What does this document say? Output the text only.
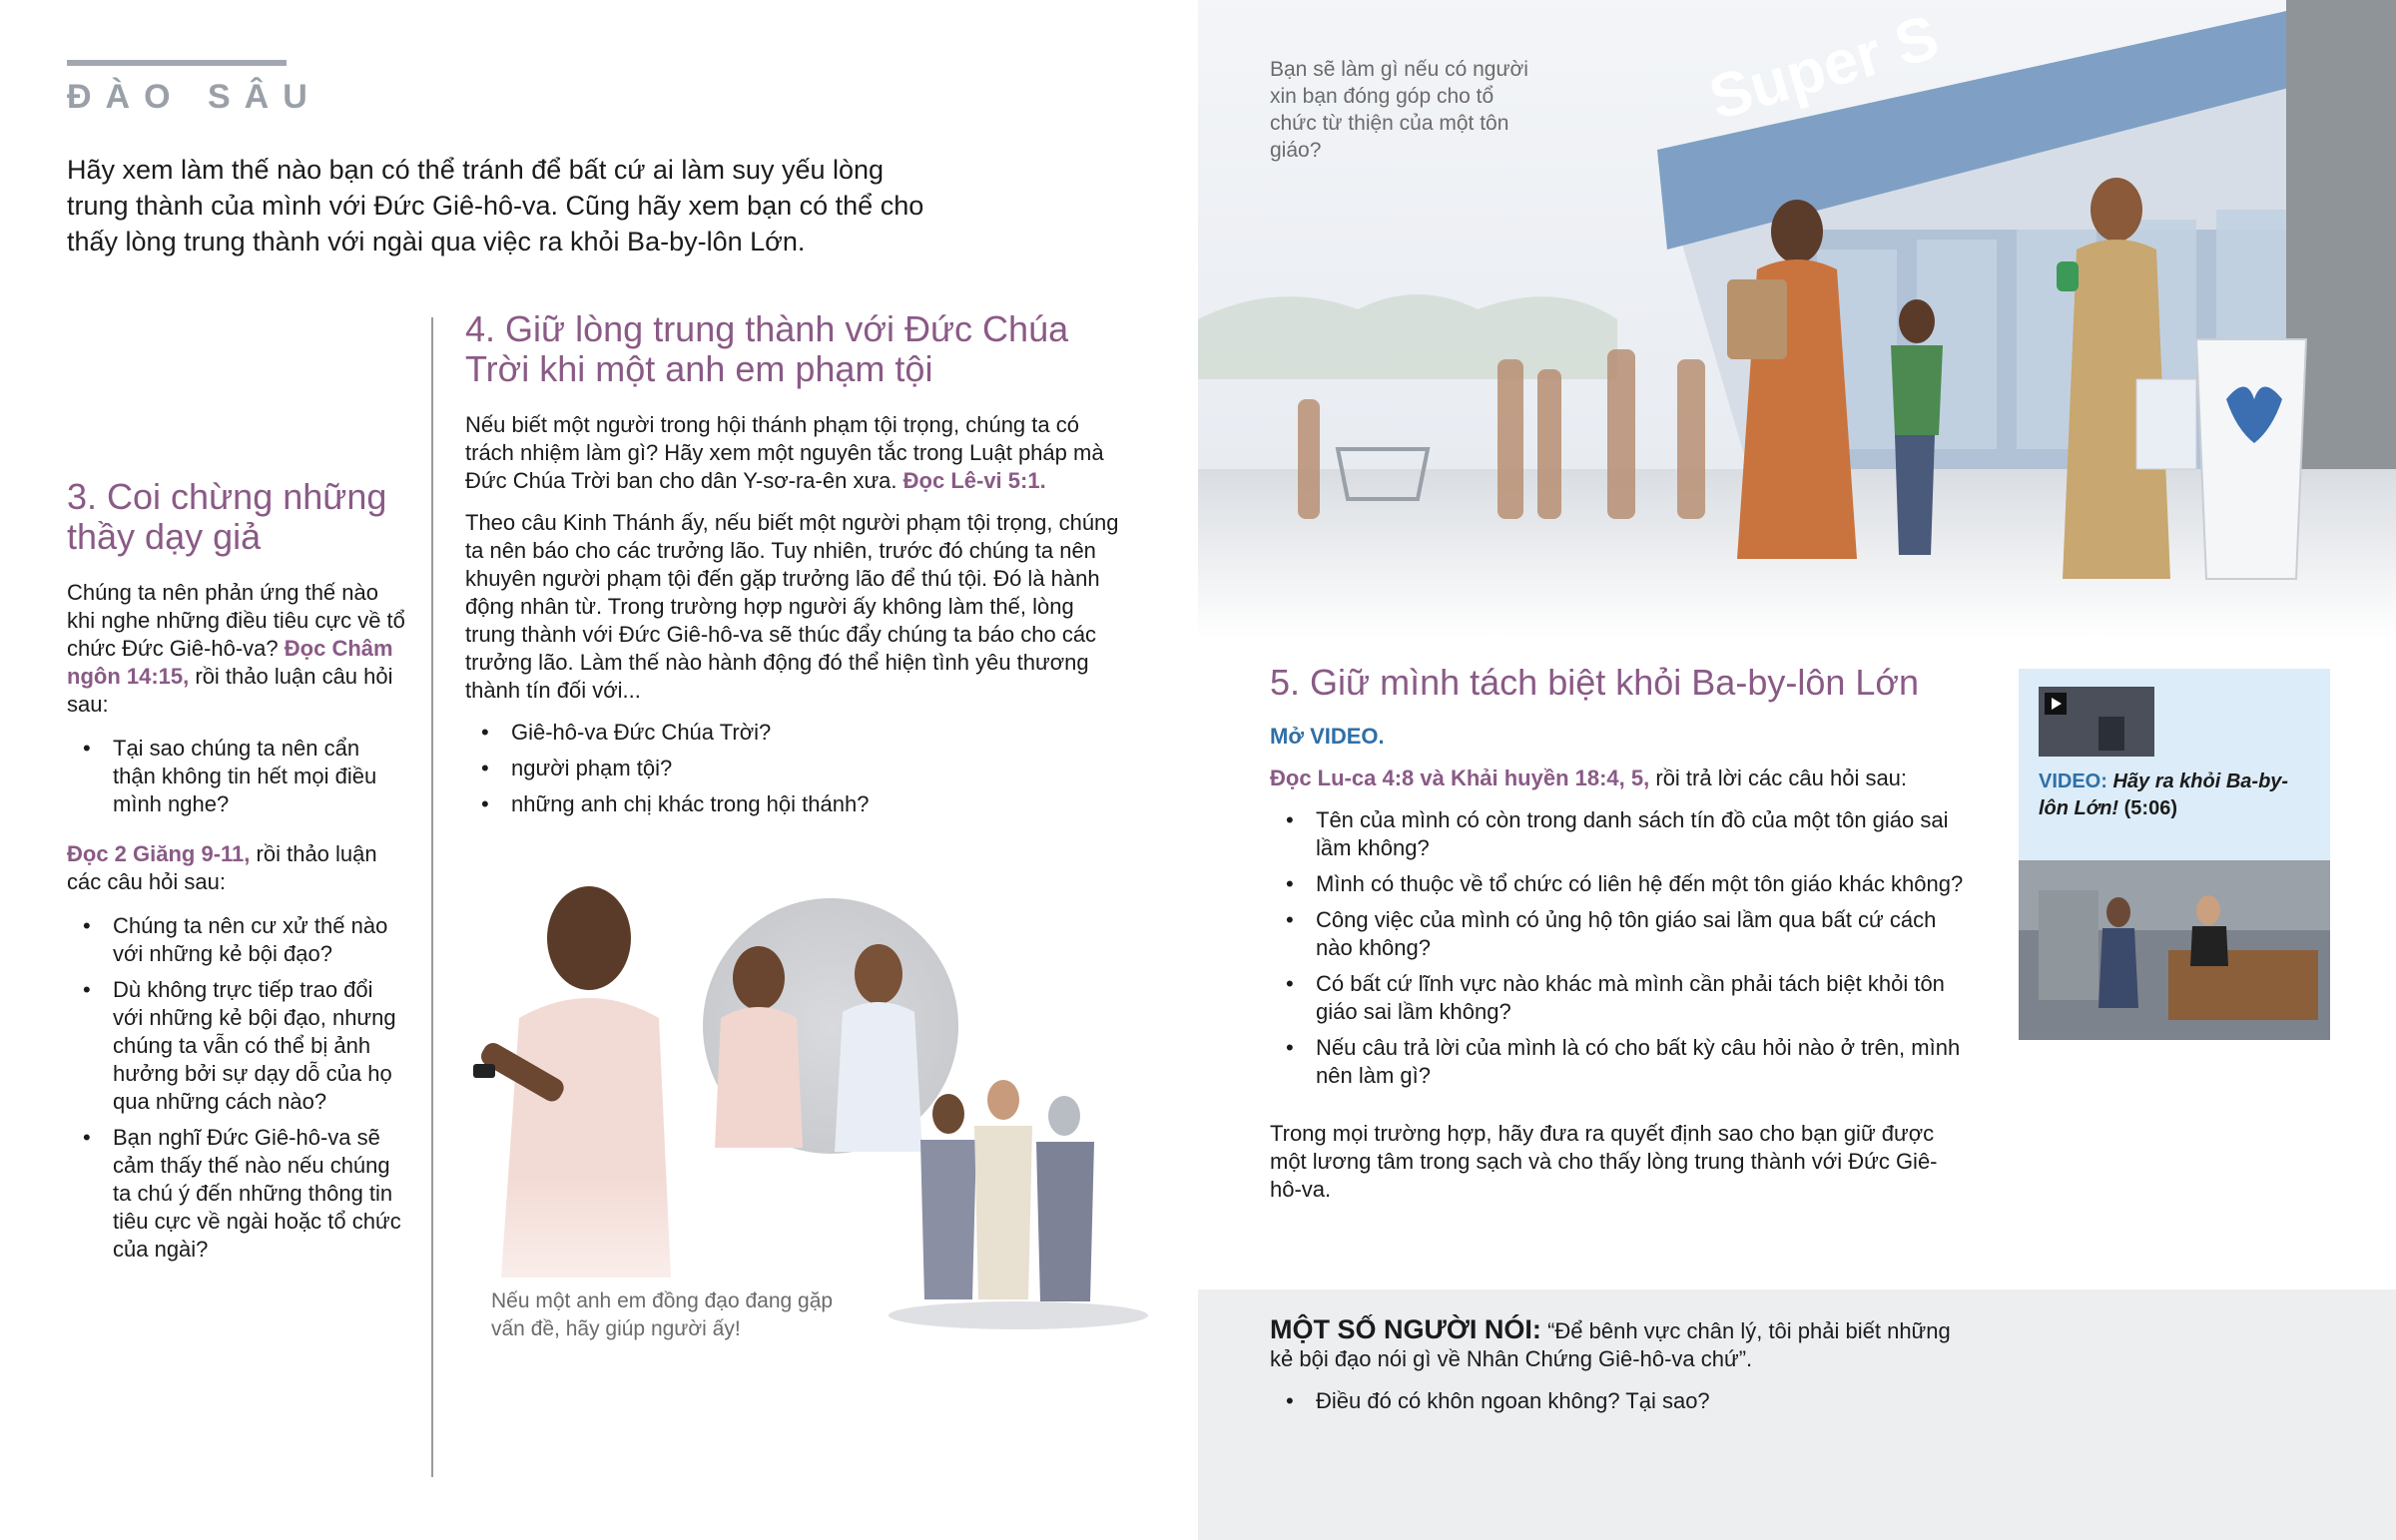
ĐÀO SÂU
Hãy xem làm thế nào bạn có thể tránh để bất cứ ai làm suy yếu lòng trung thành của mình với Đức Giê-hô-va. Cũng hãy xem bạn có thể cho thấy lòng trung thành với ngài qua việc ra khỏi Ba-by-lôn Lớn.
3. Coi chừng những thầy dạy giả
Chúng ta nên phản ứng thế nào khi nghe những điều tiêu cực về tổ chức Đức Giê-hô-va? Đọc Châm ngôn 14:15, rồi thảo luận câu hỏi sau:
• Tại sao chúng ta nên cẩn thận không tin hết mọi điều mình nghe?
Đọc 2 Giăng 9-11, rồi thảo luận các câu hỏi sau:
• Chúng ta nên cư xử thế nào với những kẻ bội đạo?
• Dù không trực tiếp trao đổi với những kẻ bội đạo, nhưng chúng ta vẫn có thể bị ảnh hưởng bởi sự dạy dỗ của họ qua những cách nào?
• Bạn nghĩ Đức Giê-hô-va sẽ cảm thấy thế nào nếu chúng ta chú ý đến những thông tin tiêu cực về ngài hoặc tổ chức của ngài?
4. Giữ lòng trung thành với Đức Chúa Trời khi một anh em phạm tội
Nếu biết một người trong hội thánh phạm tội trọng, chúng ta có trách nhiệm làm gì? Hãy xem một nguyên tắc trong Luật pháp mà Đức Chúa Trời ban cho dân Y-sơ-ra-ên xưa. Đọc Lê-vi 5:1.
Theo câu Kinh Thánh ấy, nếu biết một người phạm tội trọng, chúng ta nên báo cho các trưởng lão. Tuy nhiên, trước đó chúng ta nên khuyên người phạm tội đến gặp trưởng lão để thú tội. Đó là hành động nhân từ. Trong trường hợp người ấy không làm thế, lòng trung thành với Đức Giê-hô-va sẽ thúc đẩy chúng ta báo cho các trưởng lão. Làm thế nào hành động đó thể hiện tình yêu thương thành tín đối với...
• Giê-hô-va Đức Chúa Trời?
• người phạm tội?
• những anh chị khác trong hội thánh?
Nếu một anh em đồng đạo đang gặp vấn đề, hãy giúp người ấy!
Super S
Bạn sẽ làm gì nếu có người xin bạn đóng góp cho tổ chức từ thiện của một tôn giáo?
5. Giữ mình tách biệt khỏi Ba-by-lôn Lớn
Mở VIDEO.
Đọc Lu-ca 4:8 và Khải huyền 18:4, 5, rồi trả lời các câu hỏi sau:
• Tên của mình có còn trong danh sách tín đồ của một tôn giáo sai lầm không?
• Mình có thuộc về tổ chức có liên hệ đến một tôn giáo khác không?
• Công việc của mình có ủng hộ tôn giáo sai lầm qua bất cứ cách nào không?
• Có bất cứ lĩnh vực nào khác mà mình cần phải tách biệt khỏi tôn giáo sai lầm không?
• Nếu câu trả lời của mình là có cho bất kỳ câu hỏi nào ở trên, mình nên làm gì?
Trong mọi trường hợp, hãy đưa ra quyết định sao cho bạn giữ được một lương tâm trong sạch và cho thấy lòng trung thành với Đức Giê-hô-va.
VIDEO: Hãy ra khỏi Ba-by-lôn Lớn! (5:06)
MỘT SỐ NGƯỜI NÓI: “Để bênh vực chân lý, tôi phải biết những kẻ bội đạo nói gì về Nhân Chứng Giê-hô-va chứ”.
• Điều đó có khôn ngoan không? Tại sao?
